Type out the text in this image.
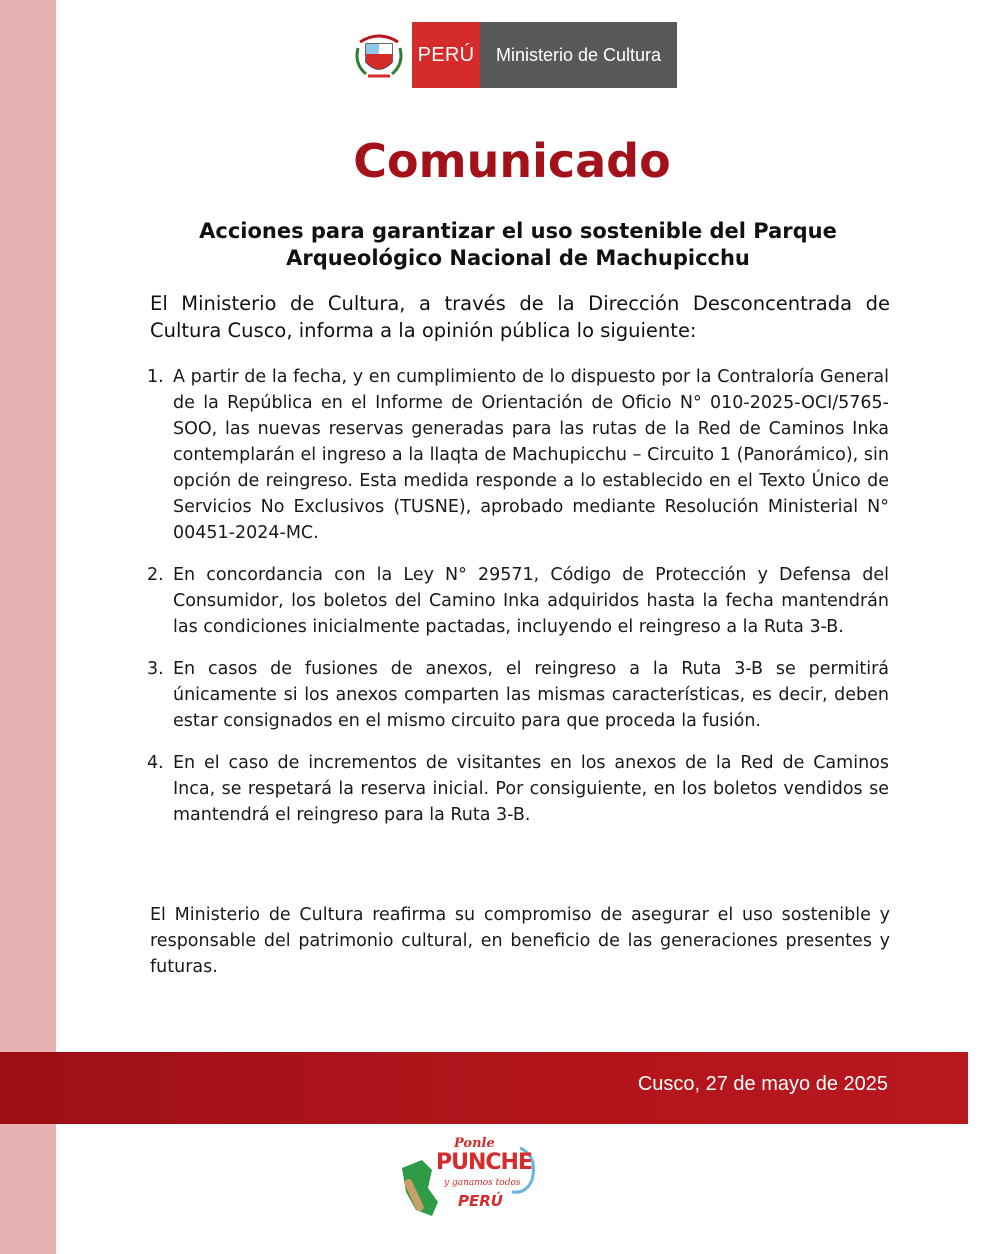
PERÚ Ministerio de Cultura
Comunicado
Acciones para garantizar el uso sostenible del Parque Arqueológico Nacional de Machupicchu
El Ministerio de Cultura, a través de la Dirección Desconcentrada de Cultura Cusco, informa a la opinión pública lo siguiente:
1. A partir de la fecha, y en cumplimiento de lo dispuesto por la Contraloría General de la República en el Informe de Orientación de Oficio N° 010-2025-OCI/5765-SOO, las nuevas reservas generadas para las rutas de la Red de Caminos Inka contemplarán el ingreso a la llaqta de Machupicchu – Circuito 1 (Panorámico), sin opción de reingreso. Esta medida responde a lo establecido en el Texto Único de Servicios No Exclusivos (TUSNE), aprobado mediante Resolución Ministerial N° 00451-2024-MC.
2. En concordancia con la Ley N° 29571, Código de Protección y Defensa del Consumidor, los boletos del Camino Inka adquiridos hasta la fecha mantendrán las condiciones inicialmente pactadas, incluyendo el reingreso a la Ruta 3-B.
3. En casos de fusiones de anexos, el reingreso a la Ruta 3-B se permitirá únicamente si los anexos comparten las mismas características, es decir, deben estar consignados en el mismo circuito para que proceda la fusión.
4. En el caso de incrementos de visitantes en los anexos de la Red de Caminos Inca, se respetará la reserva inicial. Por consiguiente, en los boletos vendidos se mantendrá el reingreso para la Ruta 3-B.
El Ministerio de Cultura reafirma su compromiso de asegurar el uso sostenible y responsable del patrimonio cultural, en beneficio de las generaciones presentes y futuras.
Cusco, 27 de mayo de 2025
Ponle
PUNCHE
y ganamos todos
PERÚ
